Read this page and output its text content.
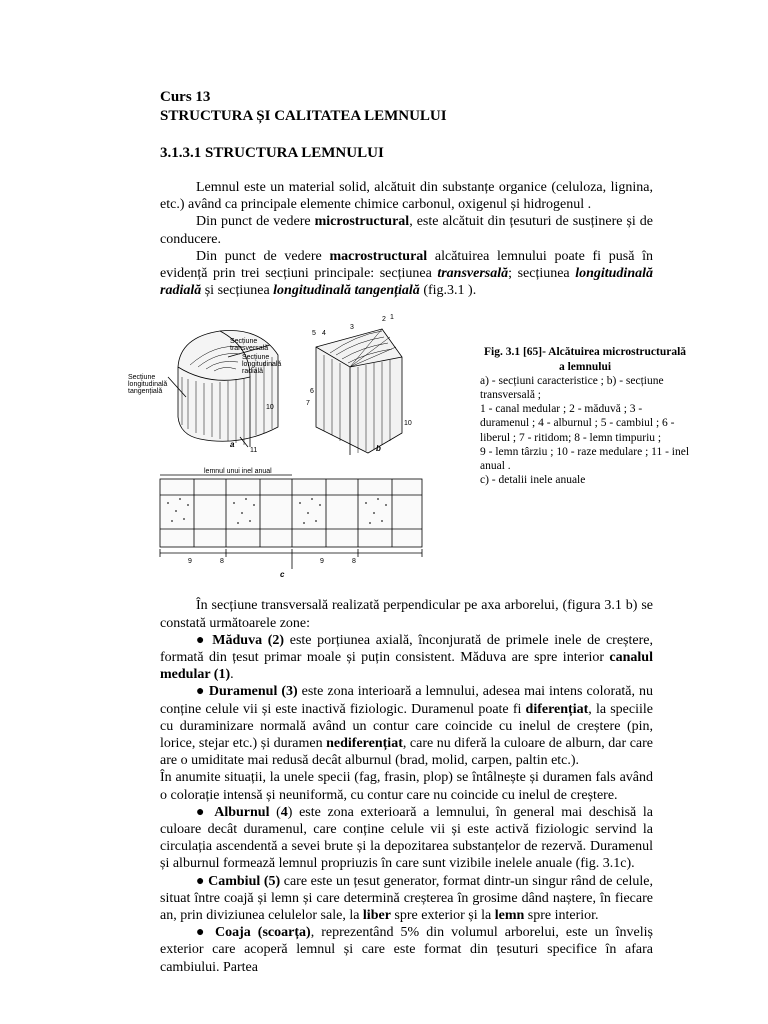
Curs 13

STRUCTURA ȘI CALITATEA LEMNULUI

3.1.3.1 STRUCTURA LEMNULUI

Lemnul este un material solid, alcătuit din substanțe organice (celuloza, lignina, etc.) având ca principale elemente chimice carbonul, oxigenul și hidrogenul .

Din punct de vedere microstructural, este alcătuit din țesuturi de susținere și de conducere.

Din punct de vedere macrostructural alcătuirea lemnului poate fi pusă în evidență prin trei secțiuni principale: secțiunea transversală; secțiunea longitudinală radială și secțiunea longitudinală tangențială (fig.3.1 ).

Secțiune
transversală
Secțiune
longitudinală
radială
Secțiune
longitudinală
tangențială
10
11
a
5 4
3
2 1
6
7
10
b
lemnul unui inel anual
9	8	9	8
c
Fig. 3.1 [65]- Alcătuirea microstructurală a lemnului
a) - secțiuni caracteristice ; b) - secțiune transversală ;
1 - canal medular ; 2 - măduvă ; 3 - duramenul ; 4 - alburnul ; 5 - cambiul ; 6 - liberul ; 7 - ritidom; 8 - lemn timpuriu ;
9 - lemn târziu ; 10 - raze medulare ; 11 - inel anual .
c) - detalii inele anuale

În secțiune transversală realizată perpendicular pe axa arborelui, (figura 3.1 b) se constată următoarele zone:

● Măduva (2) este porțiunea axială, înconjurată de primele inele de creștere, formată din țesut primar moale și puțin consistent. Măduva are spre interior canalul medular (1).

● Duramenul (3) este zona interioară a lemnului, adesea mai intens colorată, nu conține celule vii și este inactivă fiziologic. Duramenul poate fi diferențiat, la speciile cu duraminizare normală având un contur care coincide cu inelul de creștere (pin, lorice, stejar etc.) și duramen nediferențiat, care nu diferă la culoare de alburn, dar care are o umiditate mai redusă decât alburnul (brad, molid, carpen, paltin etc.).

În anumite situații, la unele specii (fag, frasin, plop) se întâlnește și duramen fals având o colorație intensă și neuniformă, cu contur care nu coincide cu inelul de creștere.

● Alburnul (4) este zona exterioară a lemnului, în general mai deschisă la culoare decât duramenul, care conține celule vii și este activă fiziologic servind la circulația ascendentă a sevei brute și la depozitarea substanțelor de rezervă. Duramenul și alburnul formează lemnul propriuzis în care sunt vizibile inelele anuale (fig. 3.1c).

● Cambiul (5) care este un țesut generator, format dintr-un singur rând de celule, situat între coajă și lemn și care determină creșterea în grosime dând naștere, în fiecare an, prin diviziunea celulelor sale, la liber spre exterior și la lemn spre interior.

● Coaja (scoarța), reprezentând 5% din volumul arborelui, este un înveliș exterior care acoperă lemnul și care este format din țesuturi specifice în afara cambiului. Partea
